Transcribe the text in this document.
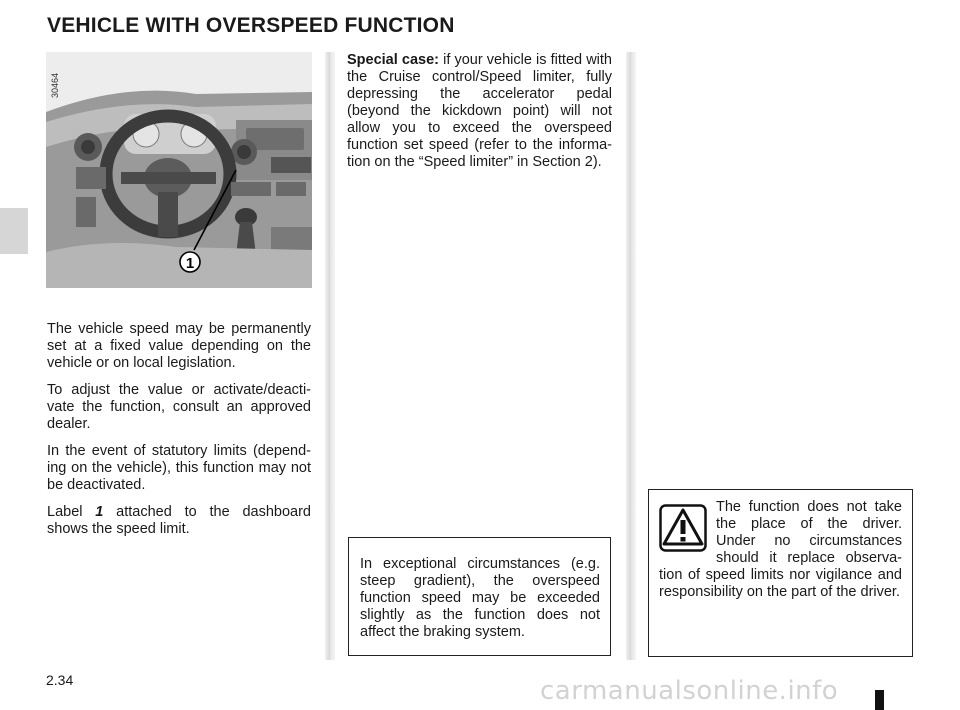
VEHICLE WITH OVERSPEED FUNCTION
1
30464

The vehicle speed may be permanently set at a fixed value depending on the vehicle or on local legislation.

To adjust the value or activate/deacti-vate the function, consult an approved dealer.

In the event of statutory limits (depend-ing on the vehicle), this function may not be deactivated.

Label 1 attached to the dashboard shows the speed limit.

Special case: if your vehicle is fitted with the Cruise control/Speed limiter, fully depressing the accelerator pedal (beyond the kickdown point) will not allow you to exceed the overspeed function set speed (refer to the informa-tion on the “Speed limiter” in Section 2).

In exceptional circumstances (e.g. steep gradient), the overspeed function speed may be exceeded slightly as the function does not affect the braking system.
The function does not take the place of the driver. Under no circumstances should it replace observa-tion of speed limits nor vigilance and responsibility on the part of the driver.
2.34	carmanualsonline.info
